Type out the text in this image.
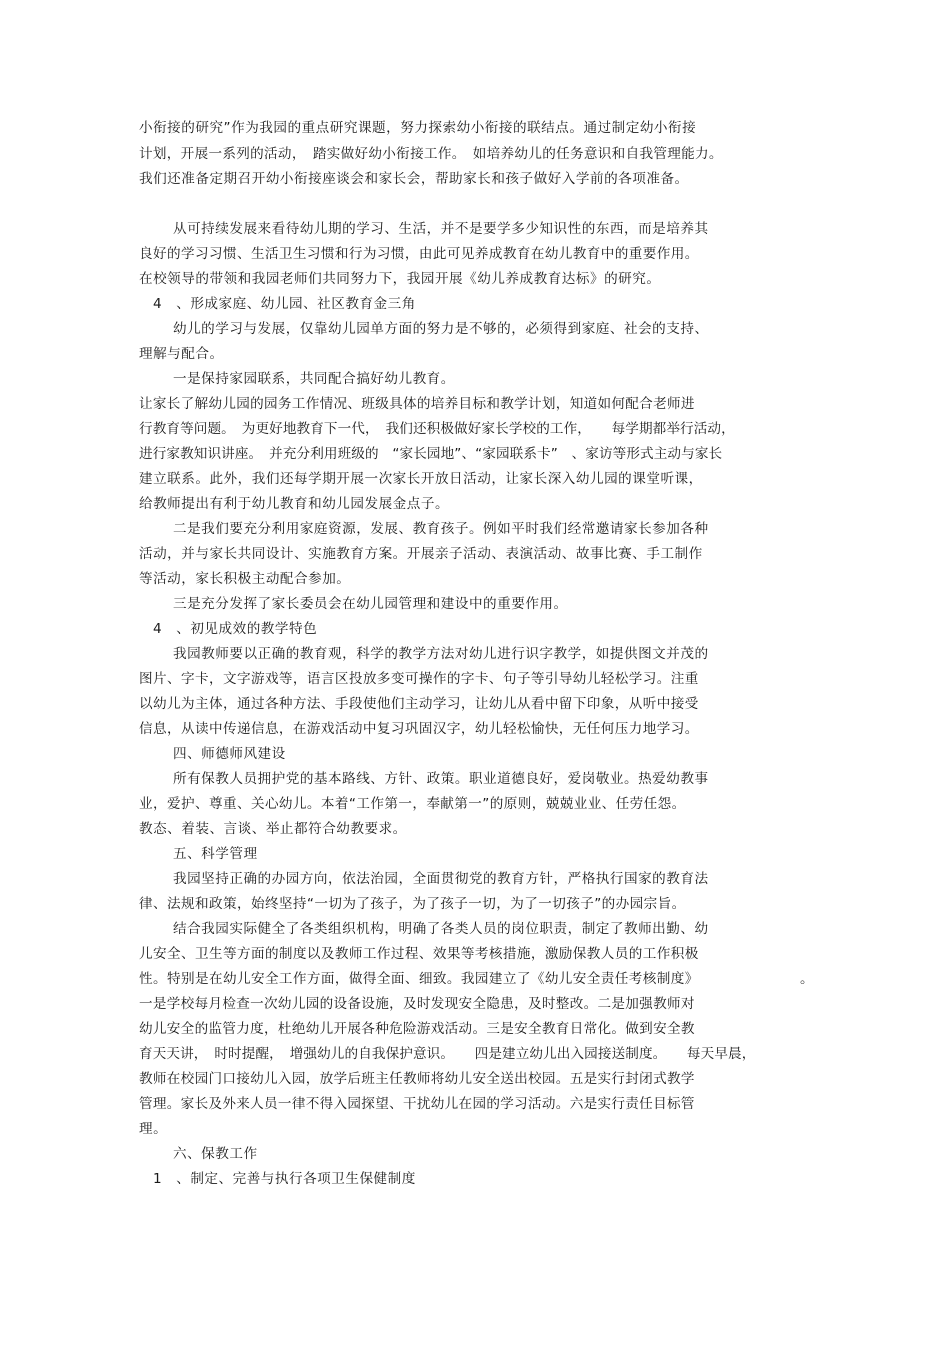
小衔接的研究”作为我园的重点研究课题，努力探索幼小衔接的联结点。通过制定幼小衔接
计划，开展一系列的活动，　踏实做好幼小衔接工作。　如培养幼儿的任务意识和自我管理能力。
我们还准备定期召开幼小衔接座谈会和家长会，帮助家长和孩子做好入学前的各项准备。
从可持续发展来看待幼儿期的学习、生活，并不是要学多少知识性的东西，而是培养其
良好的学习习惯、生活卫生习惯和行为习惯，由此可见养成教育在幼儿教育中的重要作用。
在校领导的带领和我园老师们共同努力下，我园开展《幼儿养成教育达标》的研究。
4　、形成家庭、幼儿园、社区教育金三角
幼儿的学习与发展，仅靠幼儿园单方面的努力是不够的，必须得到家庭、社会的支持、
理解与配合。
一是保持家园联系，共同配合搞好幼儿教育。
让家长了解幼儿园的园务工作情况、班级具体的培养目标和教学计划，知道如何配合老师进
行教育等问题。　为更好地教育下一代，　我们还积极做好家长学校的工作，　　每学期都举行活动，
进行家教知识讲座。　并充分利用班级的　“家长园地”、“家园联系卡”　、家访等形式主动与家长
建立联系。此外，我们还每学期开展一次家长开放日活动，让家长深入幼儿园的课堂听课，
给教师提出有利于幼儿教育和幼儿园发展金点子。
二是我们要充分利用家庭资源，发展、教育孩子。例如平时我们经常邀请家长参加各种
活动，并与家长共同设计、实施教育方案。开展亲子活动、表演活动、故事比赛、手工制作
等活动，家长积极主动配合参加。
三是充分发挥了家长委员会在幼儿园管理和建设中的重要作用。
4　、初见成效的教学特色
我园教师要以正确的教育观，科学的教学方法对幼儿进行识字教学，如提供图文并茂的
图片、字卡，文字游戏等，语言区投放多变可操作的字卡、句子等引导幼儿轻松学习。注重
以幼儿为主体，通过各种方法、手段使他们主动学习，让幼儿从看中留下印象，从听中接受
信息，从读中传递信息，在游戏活动中复习巩固汉字，幼儿轻松愉快，无任何压力地学习。
四、师德师风建设
所有保教人员拥护党的基本路线、方针、政策。职业道德良好，爱岗敬业。热爱幼教事
业，爱护、尊重、关心幼儿。本着“工作第一，奉献第一”的原则，兢兢业业、任劳任怨。
教态、着装、言谈、举止都符合幼教要求。
五、科学管理
我园坚持正确的办园方向，依法治园，全面贯彻党的教育方针，严格执行国家的教育法
律、法规和政策，始终坚持“一切为了孩子，为了孩子一切，为了一切孩子”的办园宗旨。
结合我园实际健全了各类组织机构，明确了各类人员的岗位职责，制定了教师出勤、幼
儿安全、卫生等方面的制度以及教师工作过程、效果等考核措施，激励保教人员的工作积极
性。特别是在幼儿安全工作方面，做得全面、细致。我园建立了《幼儿安全责任考核制度》	。
一是学校每月检查一次幼儿园的设备设施，及时发现安全隐患，及时整改。二是加强教师对
幼儿安全的监管力度，杜绝幼儿开展各种危险游戏活动。三是安全教育日常化。做到安全教
育天天讲，　时时提醒，　增强幼儿的自我保护意识。　　四是建立幼儿出入园接送制度。　　每天早晨，
教师在校园门口接幼儿入园，放学后班主任教师将幼儿安全送出校园。五是实行封闭式教学
管理。家长及外来人员一律不得入园探望、干扰幼儿在园的学习活动。六是实行责任目标管
理。
六、保教工作
1　、制定、完善与执行各项卫生保健制度
